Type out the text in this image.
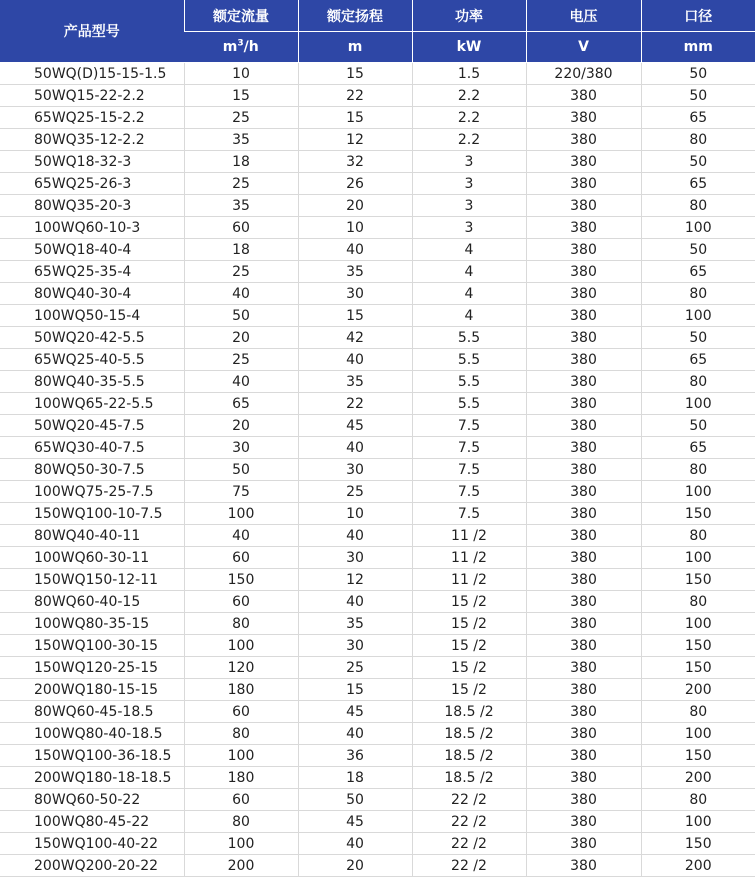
产品型号	额定流量	额定扬程	功率	电压	口径
	$m^3/h$	m	kW	V	mm
50WQ(D)15-15-1.5	10	15	1.5	220/380	50
50WQ15-22-2.2	15	22	2.2	380	50
65WQ25-15-2.2	25	15	2.2	380	65
80WQ35-12-2.2	35	12	2.2	380	80
50WQ18-32-3	18	32	3	380	50
65WQ25-26-3	25	26	3	380	65
80WQ35-20-3	35	20	3	380	80
100WQ60-10-3	60	10	3	380	100
50WQ18-40-4	18	40	4	380	50
65WQ25-35-4	25	35	4	380	65
80WQ40-30-4	40	30	4	380	80
100WQ50-15-4	50	15	4	380	100
50WQ20-42-5.5	20	42	5.5	380	50
65WQ25-40-5.5	25	40	5.5	380	65
80WQ40-35-5.5	40	35	5.5	380	80
100WQ65-22-5.5	65	22	5.5	380	100
50WQ20-45-7.5	20	45	7.5	380	50
65WQ30-40-7.5	30	40	7.5	380	65
80WQ50-30-7.5	50	30	7.5	380	80
100WQ75-25-7.5	75	25	7.5	380	100
150WQ100-10-7.5	100	10	7.5	380	150
80WQ40-40-11	40	40	11 /2	380	80
100WQ60-30-11	60	30	11 /2	380	100
150WQ150-12-11	150	12	11 /2	380	150
80WQ60-40-15	60	40	15 /2	380	80
100WQ80-35-15	80	35	15 /2	380	100
150WQ100-30-15	100	30	15 /2	380	150
150WQ120-25-15	120	25	15 /2	380	150
200WQ180-15-15	180	15	15 /2	380	200
80WQ60-45-18.5	60	45	18.5 /2	380	80
100WQ80-40-18.5	80	40	18.5 /2	380	100
150WQ100-36-18.5	100	36	18.5 /2	380	150
200WQ180-18-18.5	180	18	18.5 /2	380	200
80WQ60-50-22	60	50	22 /2	380	80
100WQ80-45-22	80	45	22 /2	380	100
150WQ100-40-22	100	40	22 /2	380	150
200WQ200-20-22	200	20	22 /2	380	200
